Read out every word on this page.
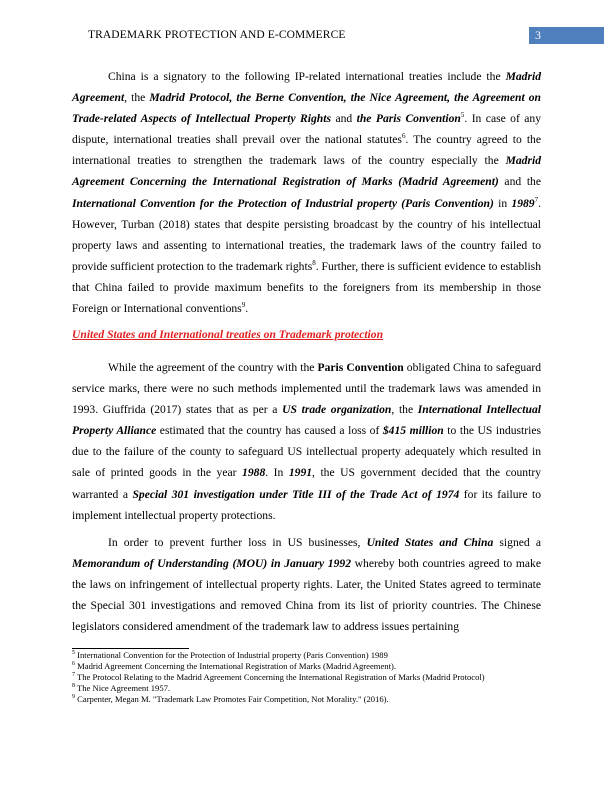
TRADEMARK PROTECTION AND E-COMMERCE	3
China is a signatory to the following IP-related international treaties include the Madrid Agreement, the Madrid Protocol, the Berne Convention, the Nice Agreement, the Agreement on Trade-related Aspects of Intellectual Property Rights and the Paris Convention$^5$. In case of any dispute, international treaties shall prevail over the national statutes$^6$. The country agreed to the international treaties to strengthen the trademark laws of the country especially the Madrid Agreement Concerning the International Registration of Marks (Madrid Agreement) and the International Convention for the Protection of Industrial property (Paris Convention) in 1989$^7$. However, Turban (2018) states that despite persisting broadcast by the country of his intellectual property laws and assenting to international treaties, the trademark laws of the country failed to provide sufficient protection to the trademark rights$^8$. Further, there is sufficient evidence to establish that China failed to provide maximum benefits to the foreigners from its membership in those Foreign or International conventions$^9$.
United States and International treaties on Trademark protection
While the agreement of the country with the Paris Convention obligated China to safeguard service marks, there were no such methods implemented until the trademark laws was amended in 1993. Giuffrida (2017) states that as per a US trade organization, the International Intellectual Property Alliance estimated that the country has caused a loss of $415 million to the US industries due to the failure of the county to safeguard US intellectual property adequately which resulted in sale of printed goods in the year 1988. In 1991, the US government decided that the country warranted a Special 301 investigation under Title III of the Trade Act of 1974 for its failure to implement intellectual property protections.
In order to prevent further loss in US businesses, United States and China signed a Memorandum of Understanding (MOU) in January 1992 whereby both countries agreed to make the laws on infringement of intellectual property rights. Later, the United States agreed to terminate the Special 301 investigations and removed China from its list of priority countries. The Chinese legislators considered amendment of the trademark law to address issues pertaining
$^5$ International Convention for the Protection of Industrial property (Paris Convention) 1989
$^6$ Madrid Agreement Concerning the International Registration of Marks (Madrid Agreement).
$^7$ The Protocol Relating to the Madrid Agreement Concerning the International Registration of Marks (Madrid Protocol)
$^8$ The Nice Agreement 1957.
$^9$ Carpenter, Megan M. "Trademark Law Promotes Fair Competition, Not Morality." (2016).
